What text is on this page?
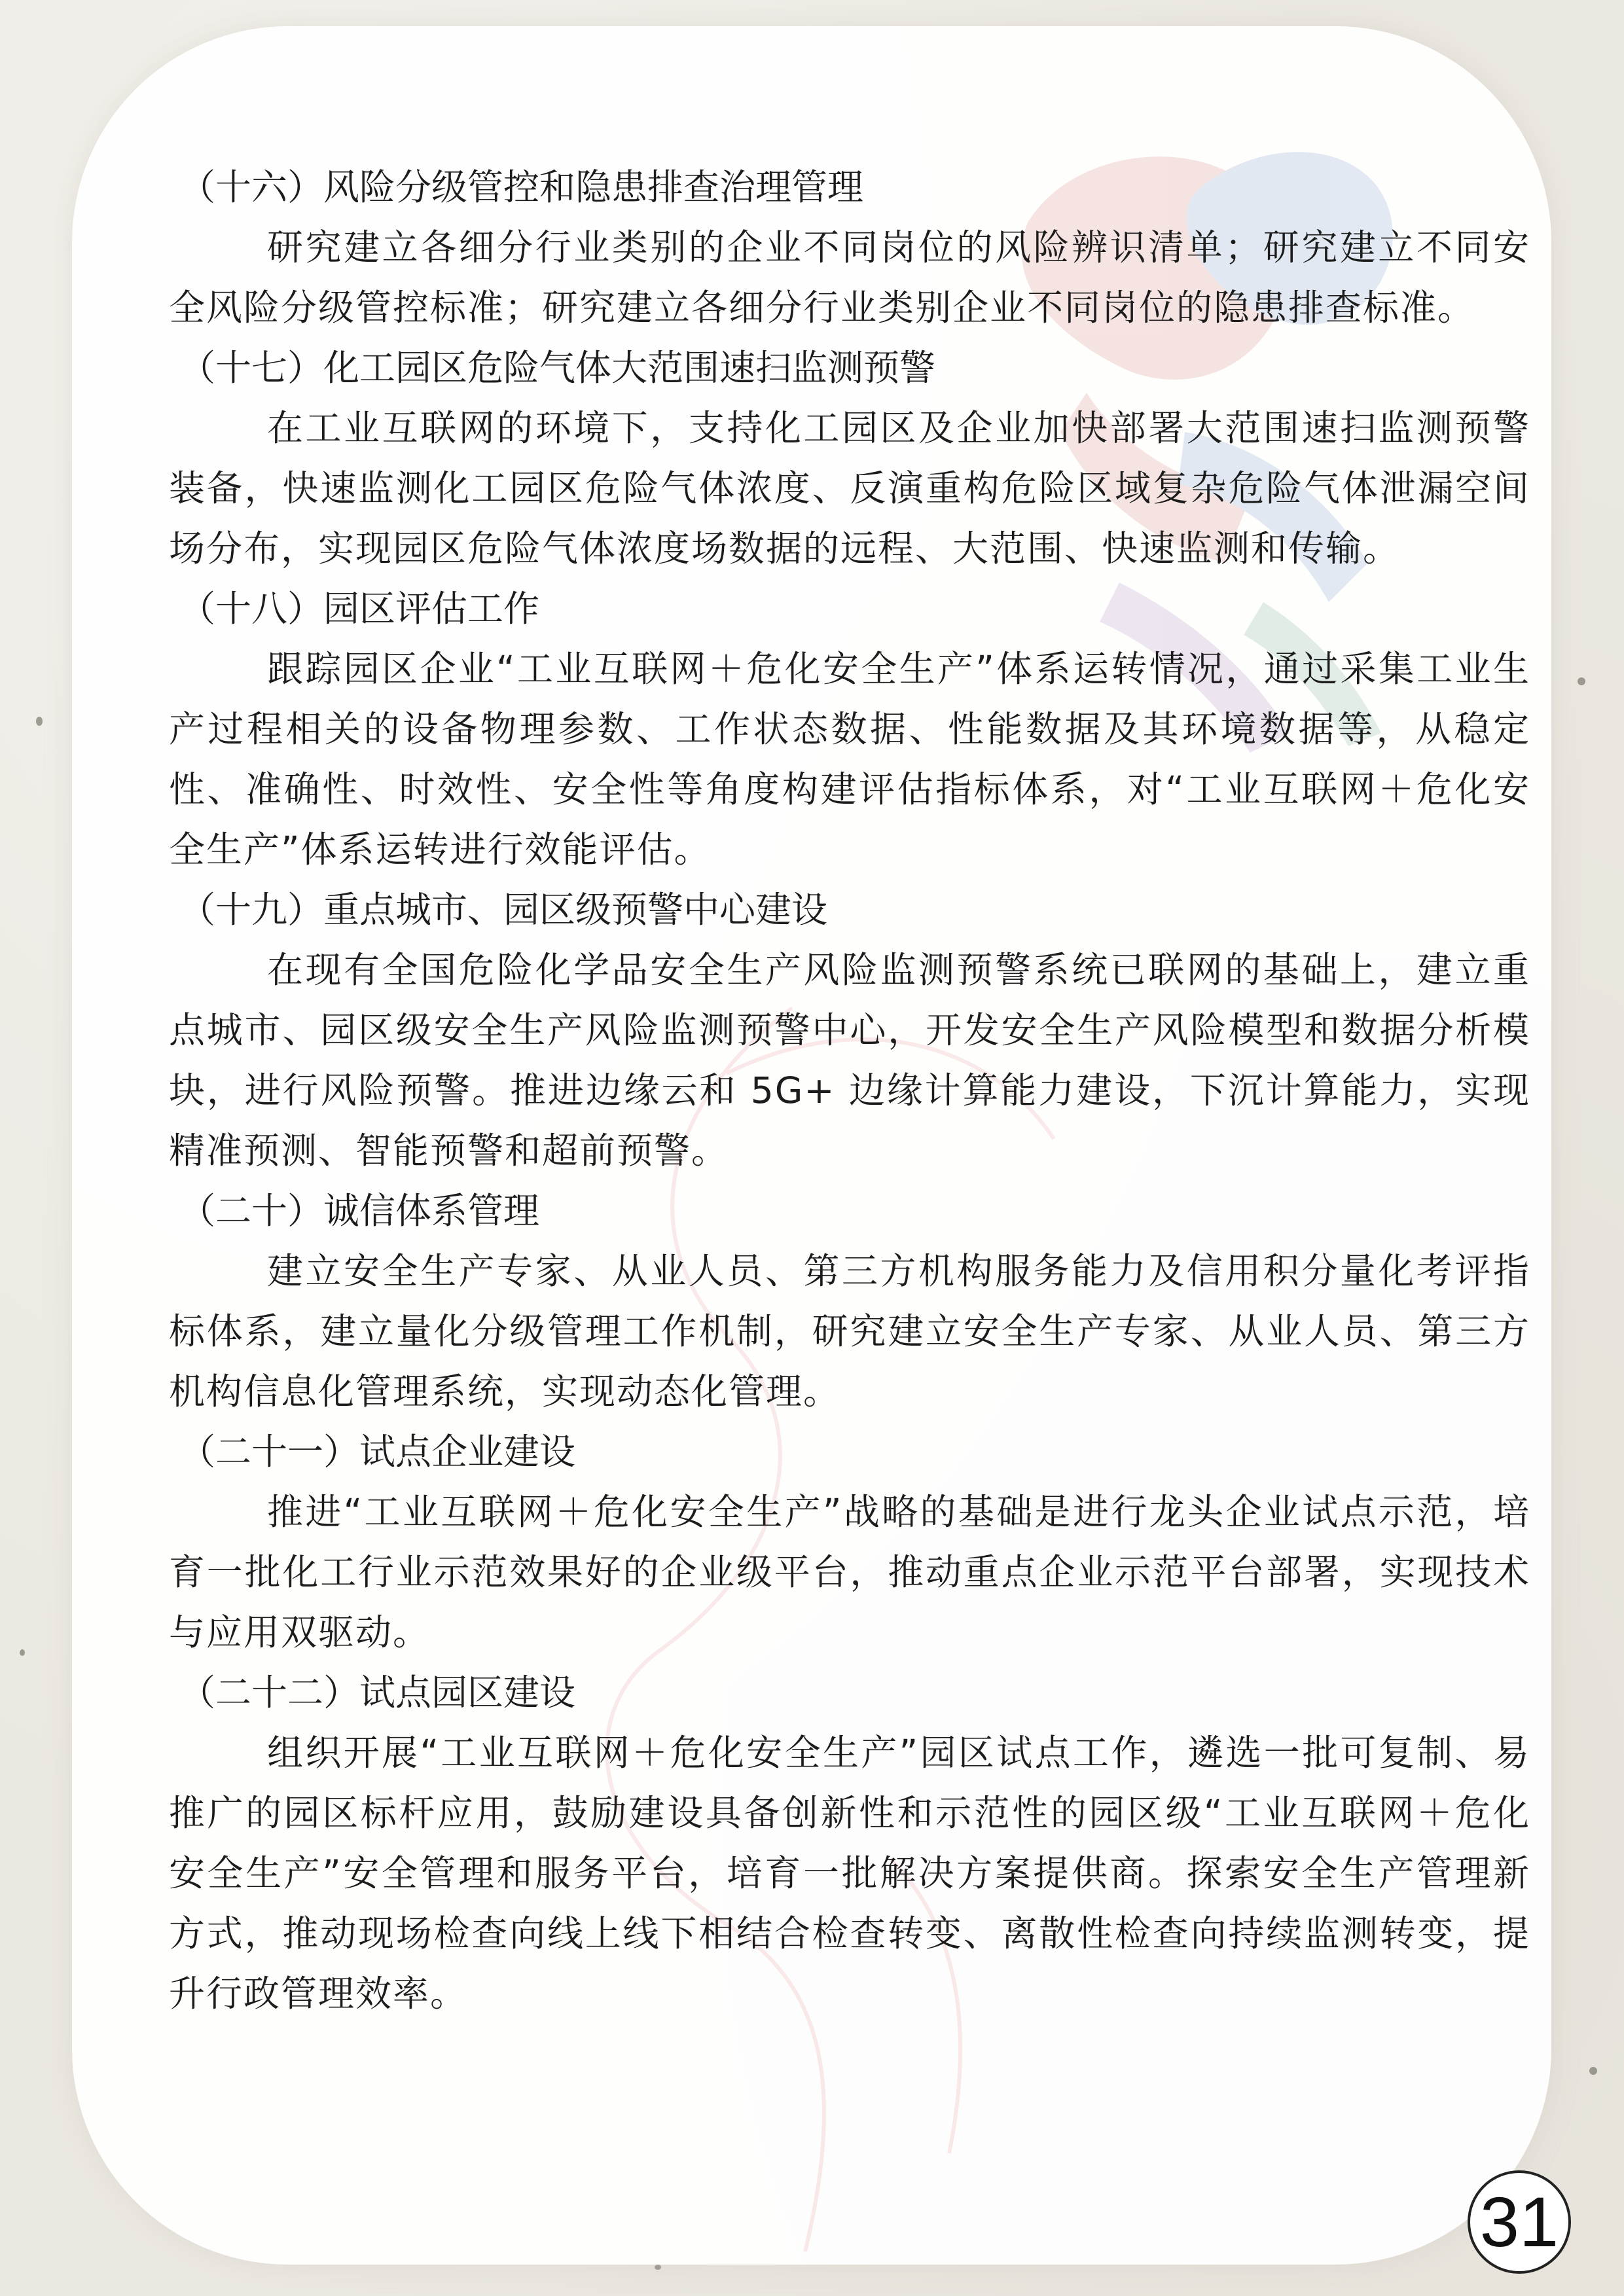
（十六）风险分级管控和隐患排查治理管理

研究建立各细分行业类别的企业不同岗位的风险辨识清单；研究建立不同安全风险分级管控标准；研究建立各细分行业类别企业不同岗位的隐患排查标准。

（十七）化工园区危险气体大范围速扫监测预警

在工业互联网的环境下，支持化工园区及企业加快部署大范围速扫监测预警装备，快速监测化工园区危险气体浓度、反演重构危险区域复杂危险气体泄漏空间场分布，实现园区危险气体浓度场数据的远程、大范围、快速监测和传输。

（十八）园区评估工作

跟踪园区企业“工业互联网＋危化安全生产”体系运转情况，通过采集工业生产过程相关的设备物理参数、工作状态数据、性能数据及其环境数据等，从稳定性、准确性、时效性、安全性等角度构建评估指标体系，对“工业互联网＋危化安全生产”体系运转进行效能评估。

（十九）重点城市、园区级预警中心建设

在现有全国危险化学品安全生产风险监测预警系统已联网的基础上，建立重点城市、园区级安全生产风险监测预警中心，开发安全生产风险模型和数据分析模块，进行风险预警。推进边缘云和 5G+ 边缘计算能力建设，下沉计算能力，实现精准预测、智能预警和超前预警。

（二十）诚信体系管理

建立安全生产专家、从业人员、第三方机构服务能力及信用积分量化考评指标体系，建立量化分级管理工作机制，研究建立安全生产专家、从业人员、第三方机构信息化管理系统，实现动态化管理。

（二十一）试点企业建设

推进“工业互联网＋危化安全生产”战略的基础是进行龙头企业试点示范，培育一批化工行业示范效果好的企业级平台，推动重点企业示范平台部署，实现技术与应用双驱动。

（二十二）试点园区建设

组织开展“工业互联网＋危化安全生产”园区试点工作，遴选一批可复制、易推广的园区标杆应用，鼓励建设具备创新性和示范性的园区级“工业互联网＋危化安全生产”安全管理和服务平台，培育一批解决方案提供商。探索安全生产管理新方式，推动现场检查向线上线下相结合检查转变、离散性检查向持续监测转变，提升行政管理效率。

31
